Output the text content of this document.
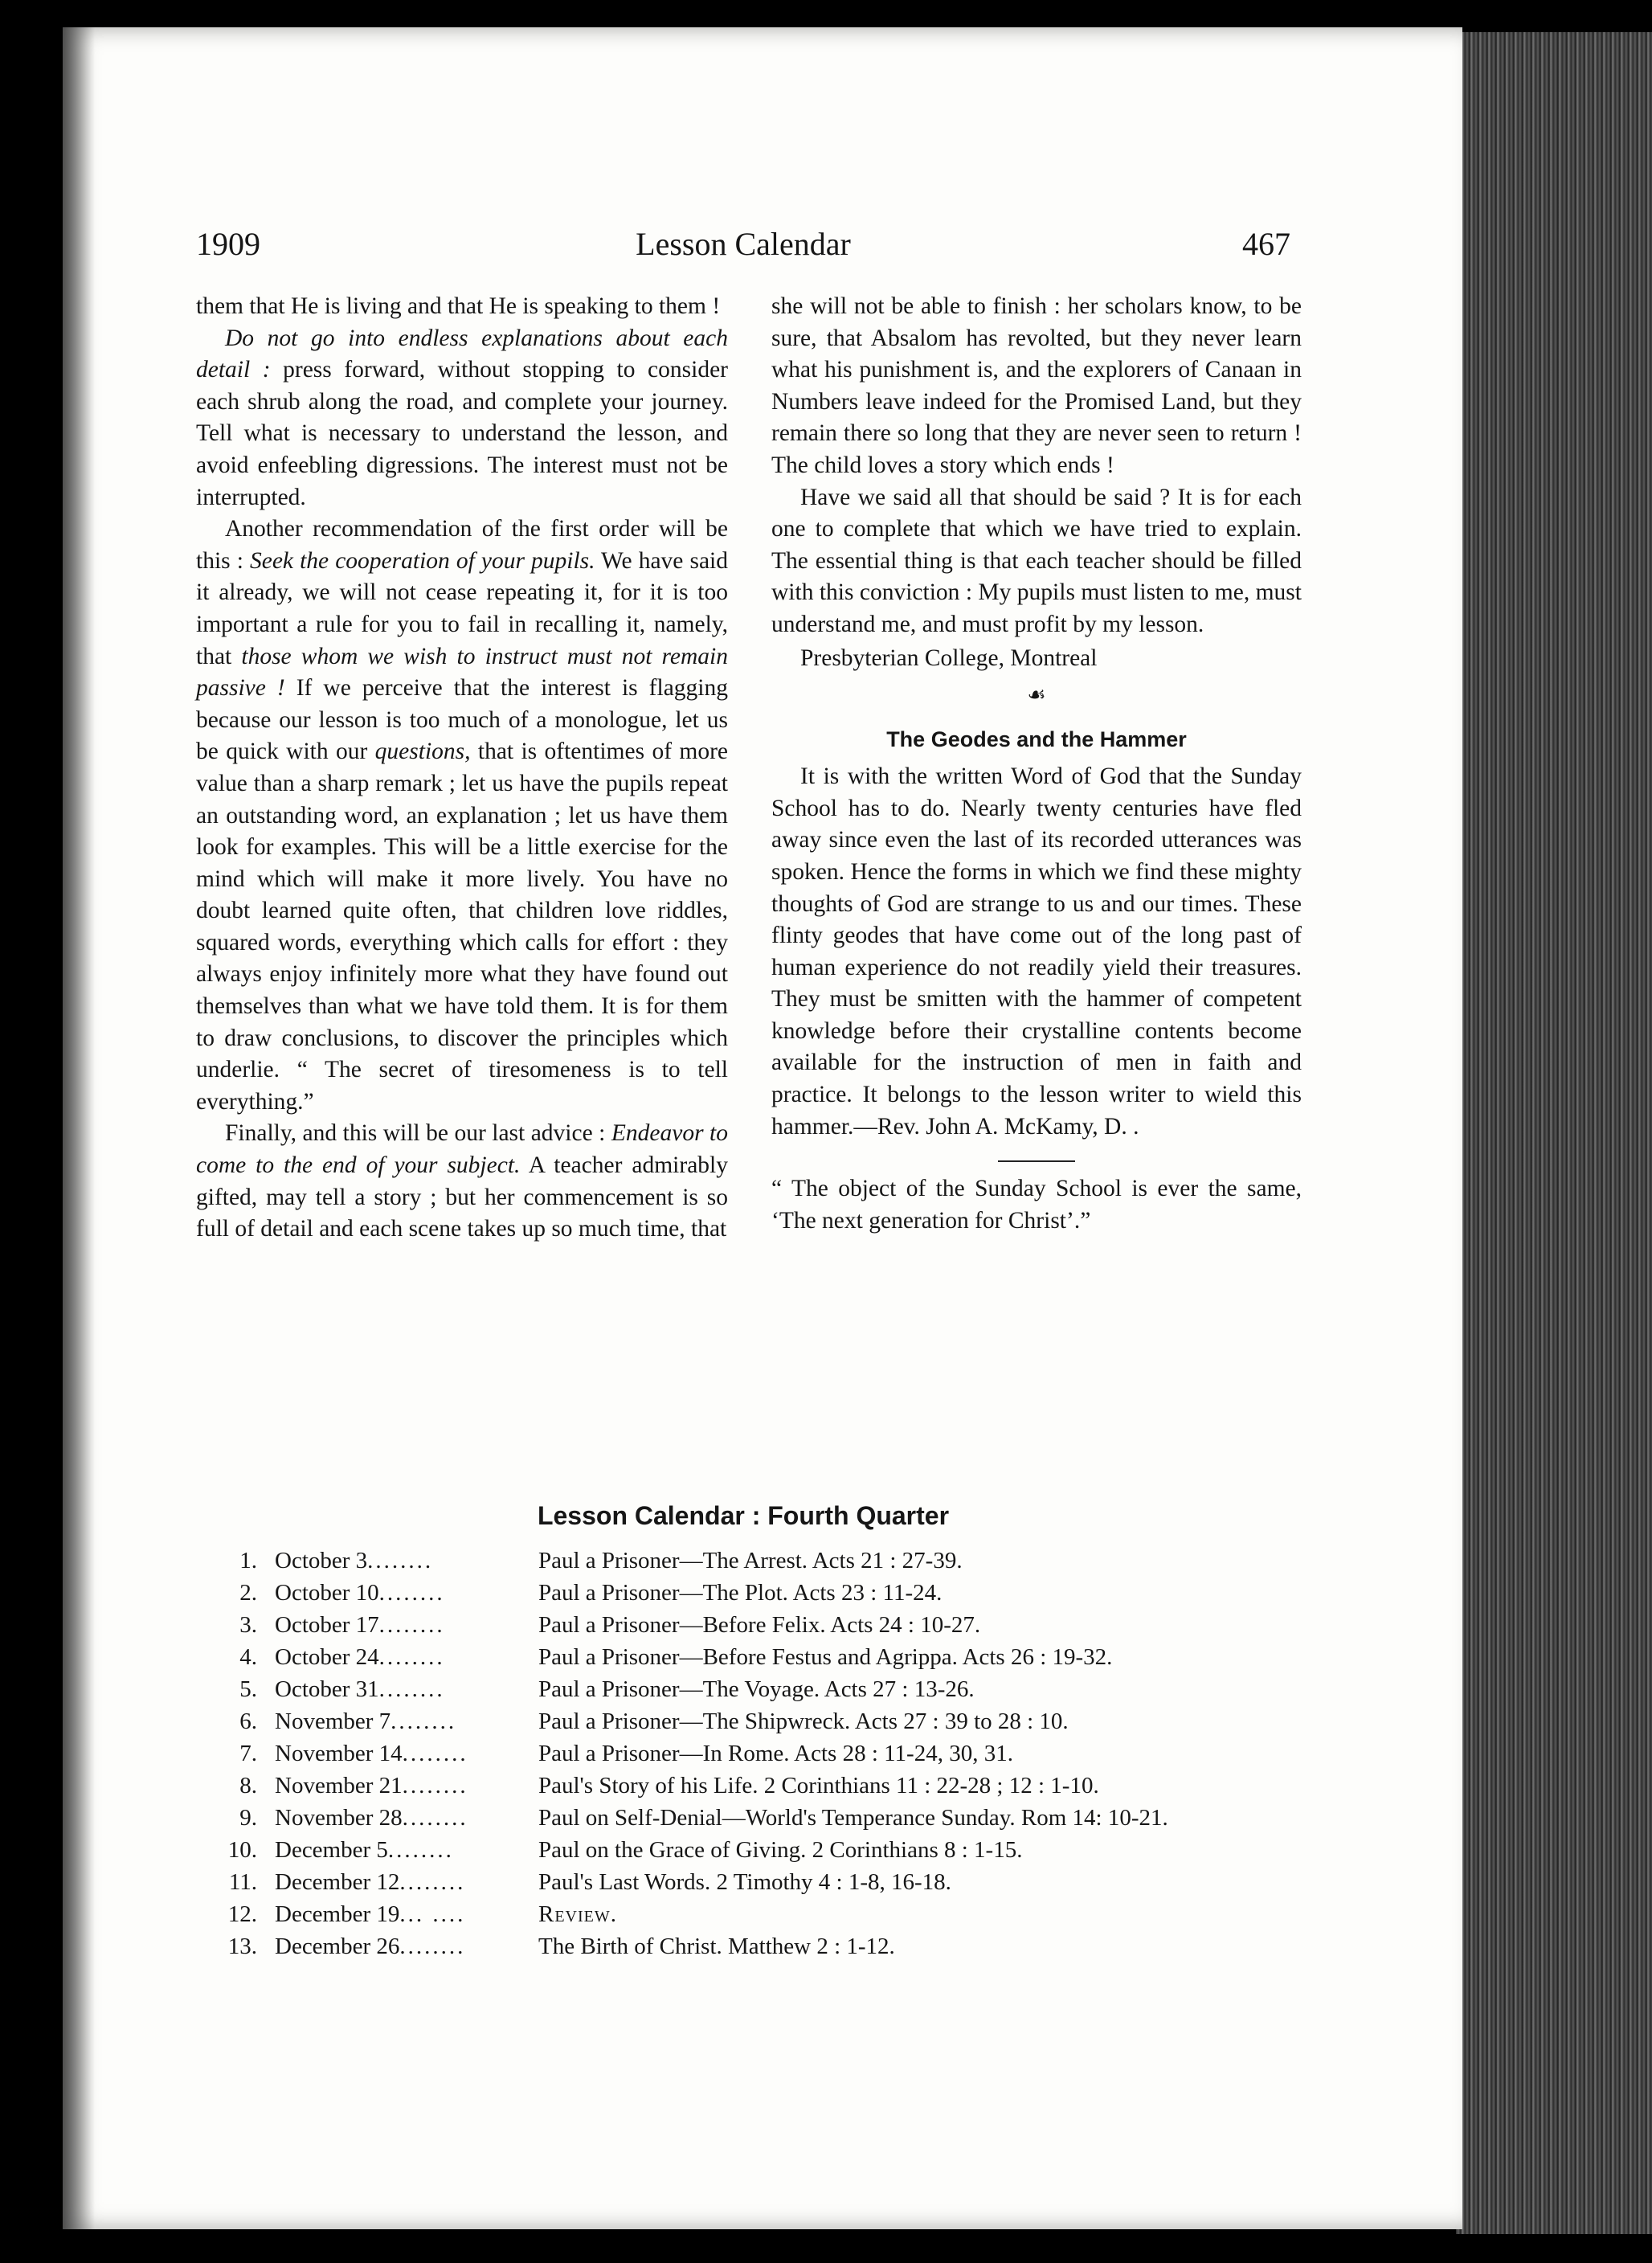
1909	Lesson Calendar	467

them that He is living and that He is speaking to them !

Do not go into endless explanations about each detail : press forward, without stopping to consider each shrub along the road, and complete your journey. Tell what is necessary to understand the lesson, and avoid enfeebling digressions. The interest must not be interrupted.

Another recommendation of the first order will be this : Seek the cooperation of your pupils. We have said it already, we will not cease repeating it, for it is too important a rule for you to fail in recalling it, namely, that those whom we wish to instruct must not remain passive ! If we perceive that the interest is flagging because our lesson is too much of a monologue, let us be quick with our questions, that is oftentimes of more value than a sharp remark ; let us have the pupils repeat an outstanding word, an explanation ; let us have them look for examples. This will be a little exercise for the mind which will make it more lively. You have no doubt learned quite often, that children love riddles, squared words, everything which calls for effort : they always enjoy infinitely more what they have found out themselves than what we have told them. It is for them to draw conclusions, to discover the principles which underlie. “ The secret of tiresomeness is to tell everything.”

Finally, and this will be our last advice : Endeavor to come to the end of your subject. A teacher admirably gifted, may tell a story ; but her commencement is so full of detail and each scene takes up so much time, that

she will not be able to finish : her scholars know, to be sure, that Absalom has revolted, but they never learn what his punishment is, and the explorers of Canaan in Numbers leave indeed for the Promised Land, but they remain there so long that they are never seen to return ! The child loves a story which ends !

Have we said all that should be said ? It is for each one to complete that which we have tried to explain. The essential thing is that each teacher should be filled with this conviction : My pupils must listen to me, must understand me, and must profit by my lesson.

Presbyterian College, Montreal

☙
The Geodes and the Hammer

It is with the written Word of God that the Sunday School has to do. Nearly twenty centuries have fled away since even the last of its recorded utterances was spoken. Hence the forms in which we find these mighty thoughts of God are strange to us and our times. These flinty geodes that have come out of the long past of human experience do not readily yield their treasures. They must be smitten with the hammer of competent knowledge before their crystalline contents become available for the instruction of men in faith and practice. It belongs to the lesson writer to wield this hammer.—Rev. John A. McKamy, D. .

“ The object of the Sunday School is ever the same, ‘The next generation for Christ’.”

Lesson Calendar : Fourth Quarter
1. October 3........	Paul a Prisoner—The Arrest. Acts 21 : 27-39.
2. October 10........	Paul a Prisoner—The Plot. Acts 23 : 11-24.
3. October 17........	Paul a Prisoner—Before Felix. Acts 24 : 10-27.
4. October 24........	Paul a Prisoner—Before Festus and Agrippa. Acts 26 : 19-32.
5. October 31........	Paul a Prisoner—The Voyage. Acts 27 : 13-26.
6. November 7........	Paul a Prisoner—The Shipwreck. Acts 27 : 39 to 28 : 10.
7. November 14........	Paul a Prisoner—In Rome. Acts 28 : 11-24, 30, 31.
8. November 21........	Paul's Story of his Life. 2 Corinthians 11 : 22-28 ; 12 : 1-10.
9. November 28........	Paul on Self-Denial—World's Temperance Sunday. Rom 14: 10-21.
10. December 5........	Paul on the Grace of Giving. 2 Corinthians 8 : 1-15.
11. December 12........	Paul's Last Words. 2 Timothy 4 : 1-8, 16-18.
12. December 19... ....	Review.
13. December 26........	The Birth of Christ. Matthew 2 : 1-12.
